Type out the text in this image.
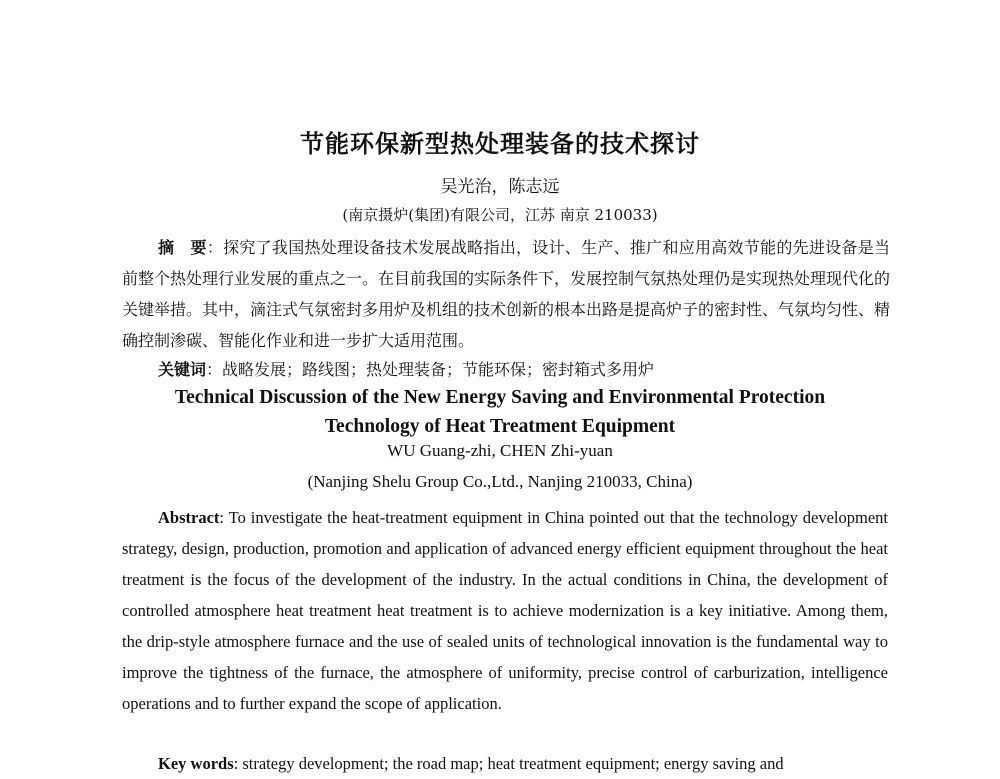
节能环保新型热处理装备的技术探讨
吴光治，陈志远
(南京摄炉(集团)有限公司，江苏 南京 210033)

摘　要：探究了我国热处理设备技术发展战略指出，设计、生产、推广和应用高效节能的先进设备是当前整个热处理行业发展的重点之一。在目前我国的实际条件下，发展控制气氛热处理仍是实现热处理现代化的关键举措。其中，滴注式气氛密封多用炉及机组的技术创新的根本出路是提高炉子的密封性、气氛均匀性、精确控制渗碳、智能化作业和进一步扩大适用范围。

关键词：战略发展；路线图；热处理装备；节能环保；密封箱式多用炉

Technical Discussion of the New Energy Saving and Environmental Protection
Technology of Heat Treatment Equipment
WU Guang-zhi, CHEN Zhi-yuan
(Nanjing Shelu Group Co.,Ltd., Nanjing 210033, China)

Abstract: To investigate the heat-treatment equipment in China pointed out that the technology development strategy, design, production, promotion and application of advanced energy efficient equipment throughout the heat treatment is the focus of the development of the industry. In the actual conditions in China, the development of controlled atmosphere heat treatment heat treatment is to achieve modernization is a key initiative. Among them, the drip-style atmosphere furnace and the use of sealed units of technological innovation is the fundamental way to improve the tightness of the furnace, the atmosphere of uniformity, precise control of carburization, intelligence operations and to further expand the scope of application.

Key words: strategy development; the road map; heat treatment equipment; energy saving and
